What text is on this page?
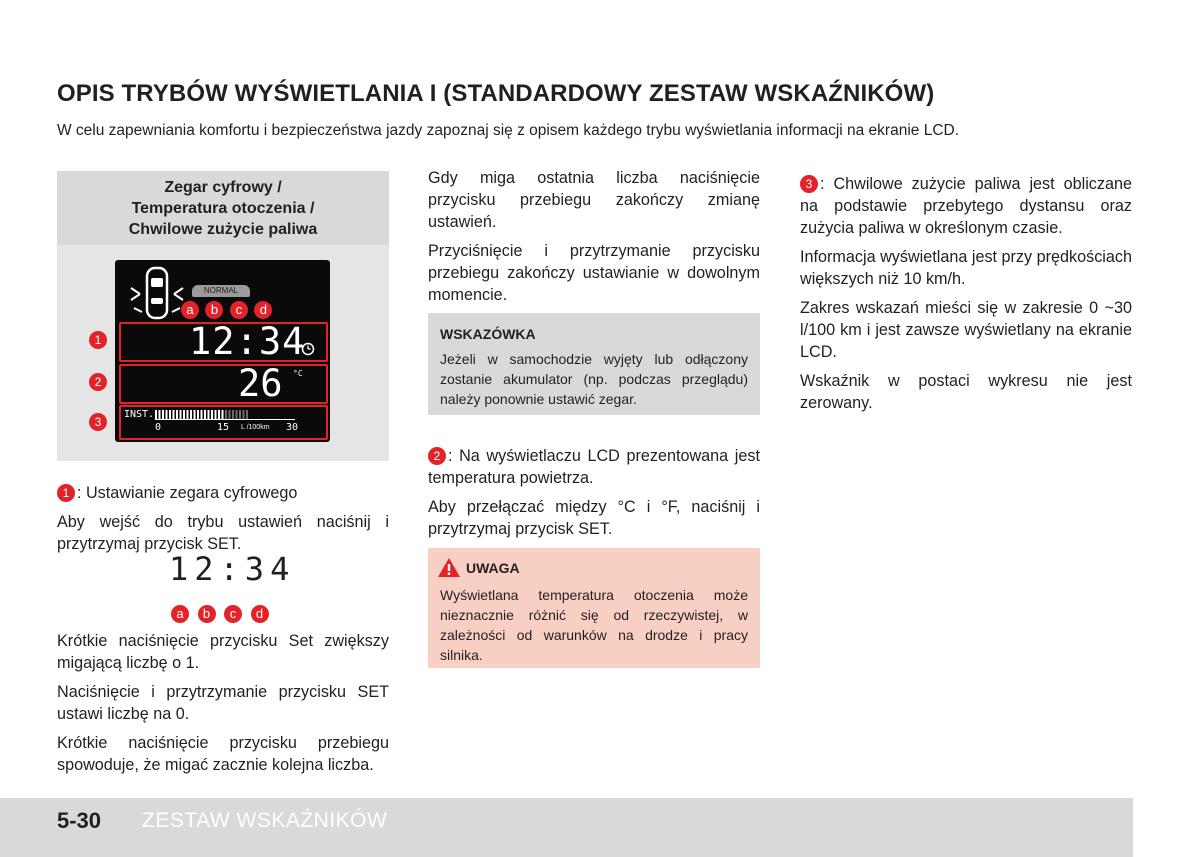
OPIS TRYBÓW WYŚWIETLANIA I (STANDARDOWY ZESTAW WSKAŹNIKÓW)
W celu zapewniania komfortu i bezpieczeństwa jazdy zapoznaj się z opisem każdego trybu wyświetlania informacji na ekranie LCD.
Zegar cyfrowy /
Temperatura otoczenia /
Chwilowe zużycie paliwa
1
2
3
NORMAL
a b c d
12:34
26 °C
INST.
0	15 L /100km 30

1 : Ustawianie zegara cyfrowego

Aby wejść do trybu ustawień naciśnij i przytrzymaj przycisk SET.

12:34
a b c d

Krótkie naciśnięcie przycisku Set zwiększy migającą liczbę o 1.

Naciśnięcie i przytrzymanie przycisku SET ustawi liczbę na 0.

Krótkie naciśnięcie przycisku przebiegu spowoduje, że migać zacznie kolejna liczba.

Gdy miga ostatnia liczba naciśnięcie przycisku przebiegu zakończy zmianę ustawień.

Przyciśnięcie i przytrzymanie przycisku przebiegu zakończy ustawianie w dowolnym momencie.

WSKAZÓWKA
Jeżeli w samochodzie wyjęty lub odłączony zostanie akumulator (np. podczas przeglądu) należy ponownie ustawić zegar.

2 : Na wyświetlaczu LCD prezentowana jest temperatura powietrza.

Aby przełączać między °C i °F, naciśnij i przytrzymaj przycisk SET.

UWAGA
Wyświetlana temperatura otoczenia może nieznacznie różnić się od rzeczywistej, w zależności od warunków na drodze i pracy silnika.

3 : Chwilowe zużycie paliwa jest obliczane na podstawie przebytego dystansu oraz zużycia paliwa w określonym czasie.

Informacja wyświetlana jest przy prędkościach większych niż 10 km/h.

Zakres wskazań mieści się w zakresie 0 ~30 l/100 km i jest zawsze wyświetlany na ekranie LCD.

Wskaźnik w postaci wykresu nie jest zerowany.

5-30 ZESTAW WSKAŹNIKÓW
